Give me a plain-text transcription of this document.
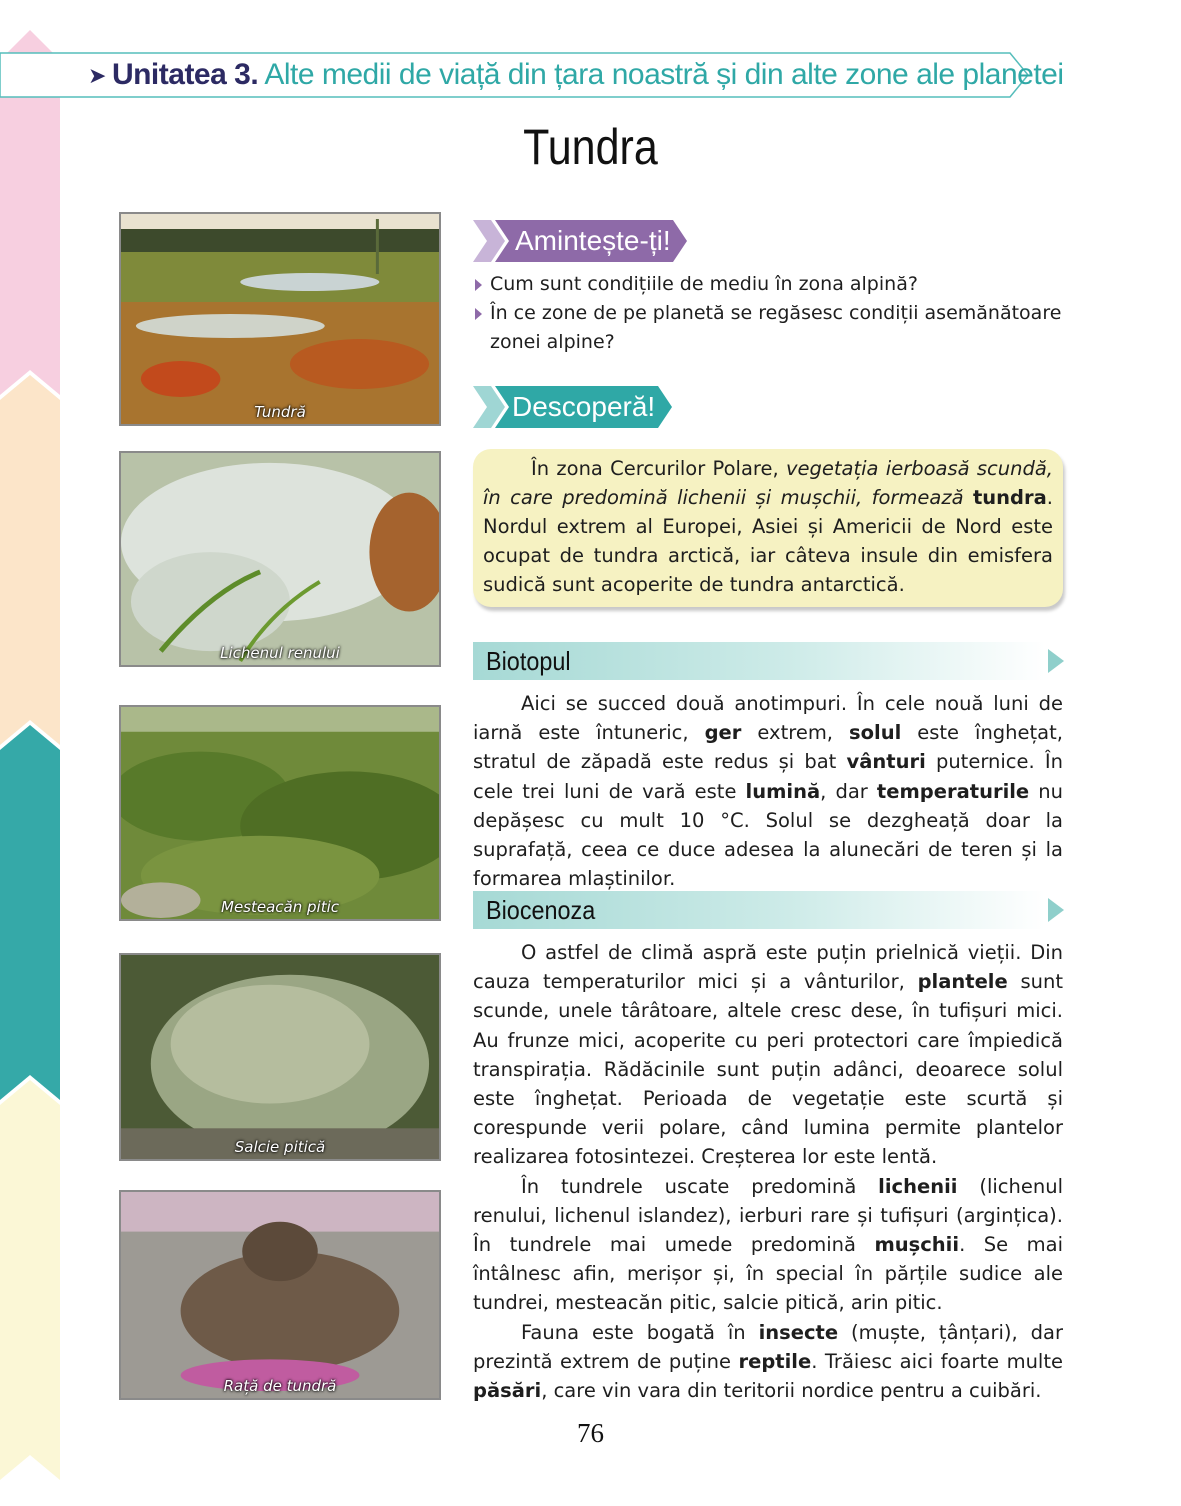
➤ Unitatea 3. Alte medii de viață din țara noastră și din alte zone ale planetei
Tundra
Tundră
Lichenul renului
Mesteacăn pitic
Salcie pitică
Rață de tundră
Amintește-ți!
Cum sunt condițiile de mediu în zona alpină?
În ce zone de pe planetă se regăsesc condiții asemănătoare zonei alpine?
Descoperă!

În zona Cercurilor Polare, vegetația ierboasă scundă, în care predomină lichenii și mușchii, formează tundra. Nordul extrem al Europei, Asiei și Americii de Nord este ocupat de tundra arctică, iar câteva insule din emisfera sudică sunt acoperite de tundra antarctică.

Biotopul

Aici se succed două anotimpuri. În cele nouă luni de iarnă este întuneric, ger extrem, solul este înghețat, stratul de zăpadă este redus și bat vânturi puternice. În cele trei luni de vară este lumină, dar temperaturile nu depășesc cu mult 10 °C. Solul se dezgheață doar la suprafață, ceea ce duce adesea la alunecări de teren și la formarea mlaștinilor.

Biocenoza

O astfel de climă aspră este puțin prielnică vieții. Din cauza temperaturilor mici și a vânturilor, plantele sunt scunde, unele târâtoare, altele cresc dese, în tufișuri mici. Au frunze mici, acoperite cu peri protectori care împiedică transpirația. Rădăcinile sunt puțin adânci, deoarece solul este înghețat. Perioada de vegetație este scurtă și corespunde verii polare, când lumina permite plantelor realizarea fotosintezei. Creșterea lor este lentă.

În tundrele uscate predomină lichenii (lichenul renului, lichenul islandez), ierburi rare și tufișuri (argințica). În tundrele mai umede predomină mușchii. Se mai întâlnesc afin, merișor și, în special în părțile sudice ale tundrei, mesteacăn pitic, salcie pitică, arin pitic.

Fauna este bogată în insecte (muște, țânțari), dar prezintă extrem de puține reptile. Trăiesc aici foarte multe păsări, care vin vara din teritorii nordice pentru a cuibări.

76
